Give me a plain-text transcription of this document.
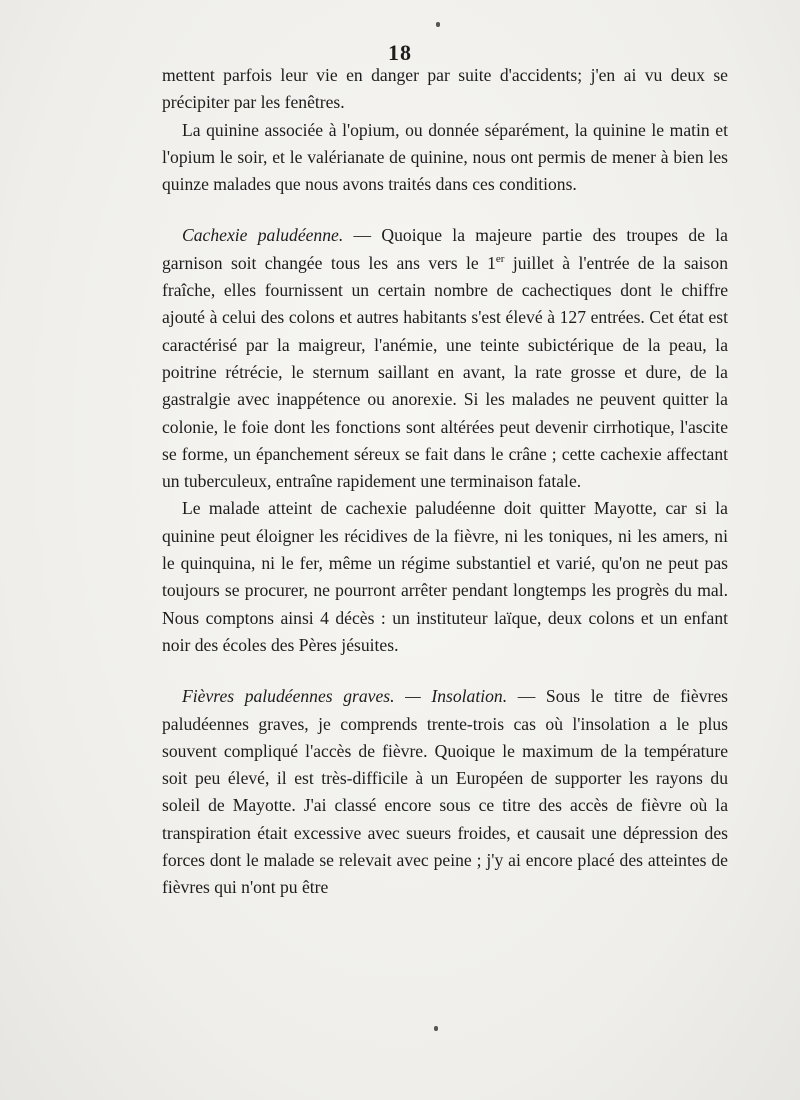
18

mettent parfois leur vie en danger par suite d'accidents; j'en ai vu deux se précipiter par les fenêtres.

La quinine associée à l'opium, ou donnée séparément, la quinine le matin et l'opium le soir, et le valérianate de quinine, nous ont permis de mener à bien les quinze malades que nous avons traités dans ces conditions.

Cachexie paludéenne. — Quoique la majeure partie des troupes de la garnison soit changée tous les ans vers le 1er juillet à l'entrée de la saison fraîche, elles fournissent un certain nombre de cachectiques dont le chiffre ajouté à celui des colons et autres habitants s'est élevé à 127 entrées. Cet état est caractérisé par la maigreur, l'anémie, une teinte subictérique de la peau, la poitrine rétrécie, le sternum saillant en avant, la rate grosse et dure, de la gastralgie avec inappétence ou anorexie. Si les malades ne peuvent quitter la colonie, le foie dont les fonctions sont altérées peut devenir cirrhotique, l'ascite se forme, un épanchement séreux se fait dans le crâne ; cette cachexie affectant un tuberculeux, entraîne rapidement une terminaison fatale.

Le malade atteint de cachexie paludéenne doit quitter Mayotte, car si la quinine peut éloigner les récidives de la fièvre, ni les toniques, ni les amers, ni le quinquina, ni le fer, même un régime substantiel et varié, qu'on ne peut pas toujours se procurer, ne pourront arrêter pendant longtemps les progrès du mal. Nous comptons ainsi 4 décès : un instituteur laïque, deux colons et un enfant noir des écoles des Pères jésuites.

Fièvres paludéennes graves. — Insolation. — Sous le titre de fièvres paludéennes graves, je comprends trente-trois cas où l'insolation a le plus souvent compliqué l'accès de fièvre. Quoique le maximum de la température soit peu élevé, il est très-difficile à un Européen de supporter les rayons du soleil de Mayotte. J'ai classé encore sous ce titre des accès de fièvre où la transpiration était excessive avec sueurs froides, et causait une dépression des forces dont le malade se relevait avec peine ; j'y ai encore placé des atteintes de fièvres qui n'ont pu être
